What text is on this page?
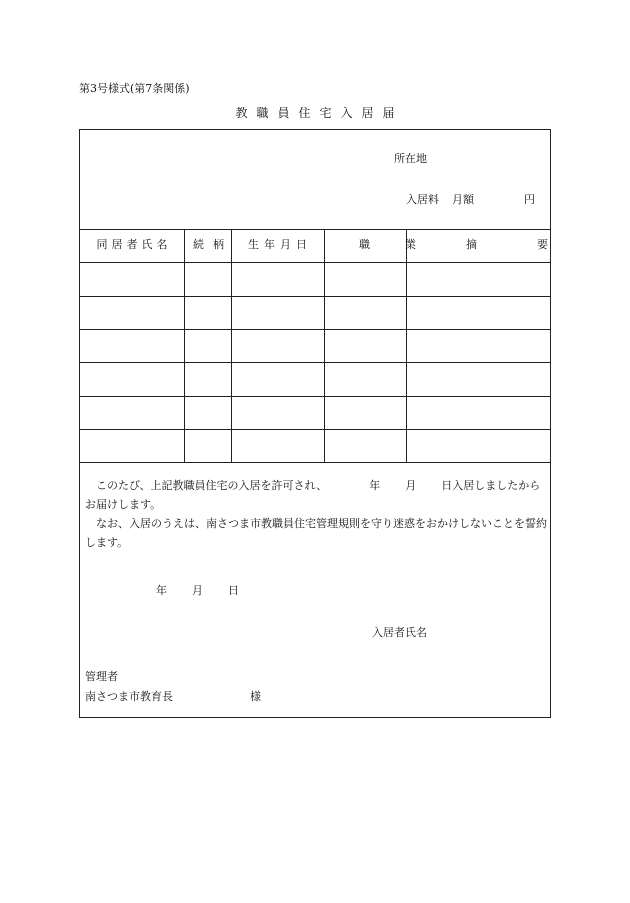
第3号様式(第7条関係)
教職員住宅入居届
所在地
入居料 月額	円
同居者氏名	続柄	生年月日	職業	摘要

このたび、上記教職員住宅の入居を許可され、	年 月 日入居しましたからお届けします。

なお、入居のうえは、南さつま市教職員住宅管理規則を守り迷惑をおかけしないことを誓約します。

年 月 日
入居者氏名
管理者
南さつま市教育長	様
